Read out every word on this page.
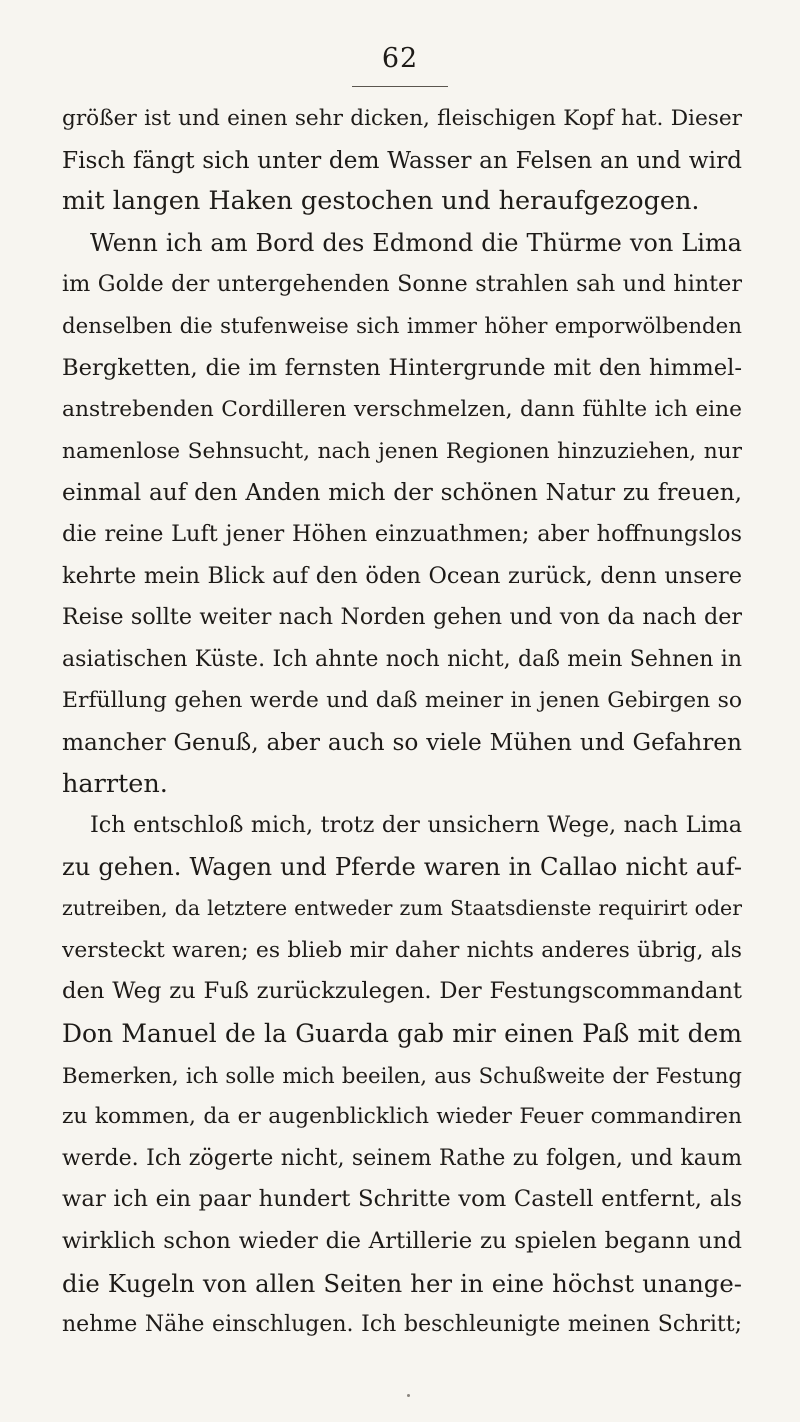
62
größer ist und einen sehr dicken, fleischigen Kopf hat. Dieser
Fisch fängt sich unter dem Wasser an Felsen an und wird
mit langen Haken gestochen und heraufgezogen.
Wenn ich am Bord des Edmond die Thürme von Lima
im Golde der untergehenden Sonne strahlen sah und hinter
denselben die stufenweise sich immer höher emporwölbenden
Bergketten, die im fernsten Hintergrunde mit den himmel-
anstrebenden Cordilleren verschmelzen, dann fühlte ich eine
namenlose Sehnsucht, nach jenen Regionen hinzuziehen, nur
einmal auf den Anden mich der schönen Natur zu freuen,
die reine Luft jener Höhen einzuathmen; aber hoffnungslos
kehrte mein Blick auf den öden Ocean zurück, denn unsere
Reise sollte weiter nach Norden gehen und von da nach der
asiatischen Küste. Ich ahnte noch nicht, daß mein Sehnen in
Erfüllung gehen werde und daß meiner in jenen Gebirgen so
mancher Genuß, aber auch so viele Mühen und Gefahren
harrten.
Ich entschloß mich, trotz der unsichern Wege, nach Lima
zu gehen. Wagen und Pferde waren in Callao nicht auf-
zutreiben, da letztere entweder zum Staatsdienste requirirt oder
versteckt waren; es blieb mir daher nichts anderes übrig, als
den Weg zu Fuß zurückzulegen. Der Festungscommandant
Don Manuel de la Guarda gab mir einen Paß mit dem
Bemerken, ich solle mich beeilen, aus Schußweite der Festung
zu kommen, da er augenblicklich wieder Feuer commandiren
werde. Ich zögerte nicht, seinem Rathe zu folgen, und kaum
war ich ein paar hundert Schritte vom Castell entfernt, als
wirklich schon wieder die Artillerie zu spielen begann und
die Kugeln von allen Seiten her in eine höchst unange-
nehme Nähe einschlugen. Ich beschleunigte meinen Schritt;
